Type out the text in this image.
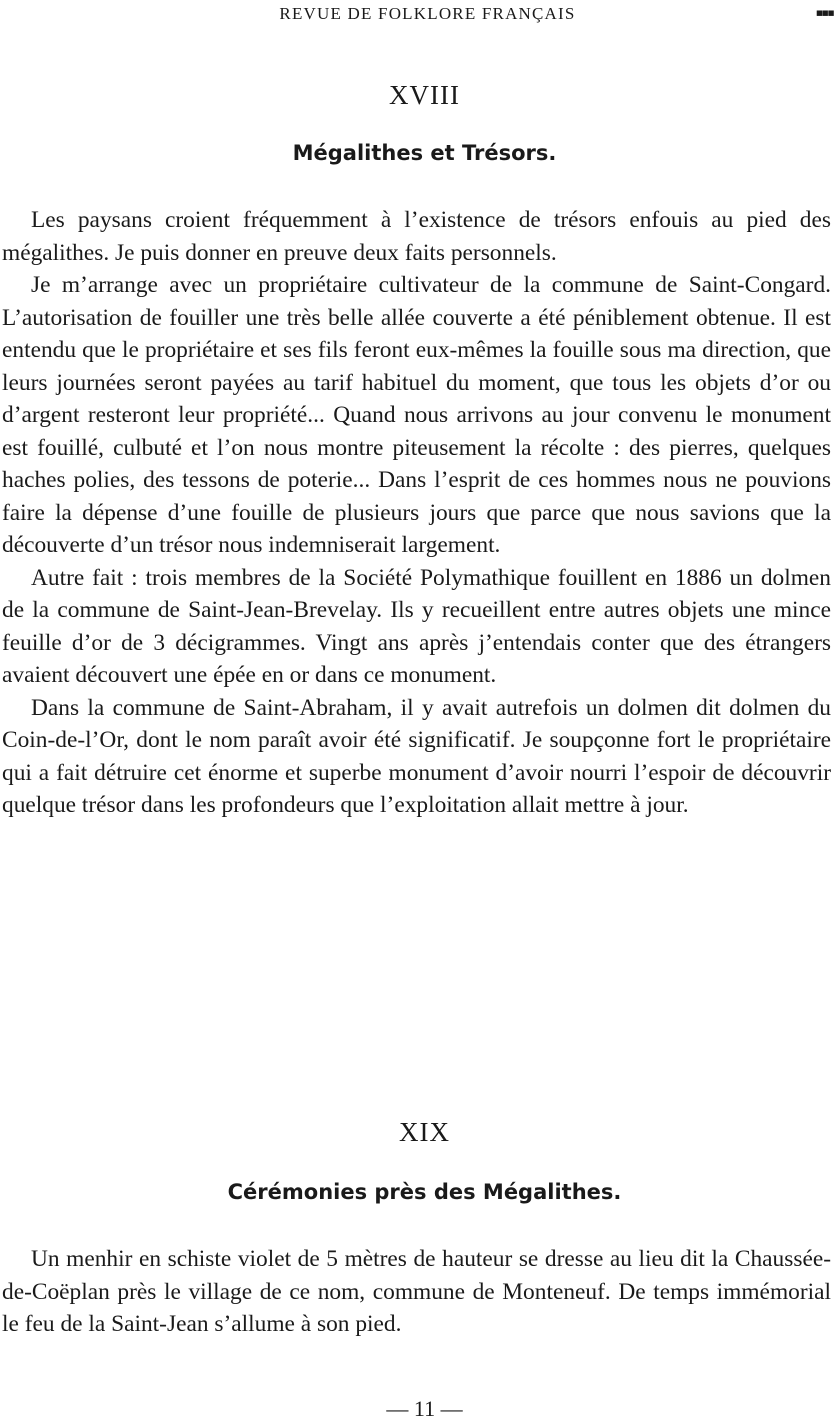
REVUE DE FOLKLORE FRANÇAIS	▪▪▪
XVIII
Mégalithes et Trésors.

Les paysans croient fréquemment à l’existence de trésors enfouis au pied des mégalithes. Je puis donner en preuve deux faits personnels.

Je m’arrange avec un propriétaire cultivateur de la commune de Saint-Congard. L’autorisation de fouiller une très belle allée couverte a été péniblement obtenue. Il est entendu que le propriétaire et ses fils feront eux-mêmes la fouille sous ma direction, que leurs journées seront payées au tarif habituel du moment, que tous les objets d’or ou d’argent resteront leur propriété... Quand nous arrivons au jour convenu le monument est fouillé, culbuté et l’on nous montre piteusement la récolte : des pierres, quelques haches polies, des tessons de poterie... Dans l’esprit de ces hommes nous ne pouvions faire la dépense d’une fouille de plusieurs jours que parce que nous savions que la découverte d’un trésor nous indemniserait largement.

Autre fait : trois membres de la Société Polymathique fouillent en 1886 un dolmen de la commune de Saint-Jean-Brevelay. Ils y recueillent entre autres objets une mince feuille d’or de 3 décigrammes. Vingt ans après j’entendais conter que des étrangers avaient découvert une épée en or dans ce monument.

Dans la commune de Saint-Abraham, il y avait autrefois un dolmen dit dolmen du Coin-de-l’Or, dont le nom paraît avoir été significatif. Je soupçonne fort le propriétaire qui a fait détruire cet énorme et superbe monument d’avoir nourri l’espoir de découvrir quelque trésor dans les profondeurs que l’exploitation allait mettre à jour.

XIX
Cérémonies près des Mégalithes.

Un menhir en schiste violet de 5 mètres de hauteur se dresse au lieu dit la Chaussée-de-Coëplan près le village de ce nom, commune de Monteneuf. De temps immémorial le feu de la Saint-Jean s’allume à son pied.

— 11 —
